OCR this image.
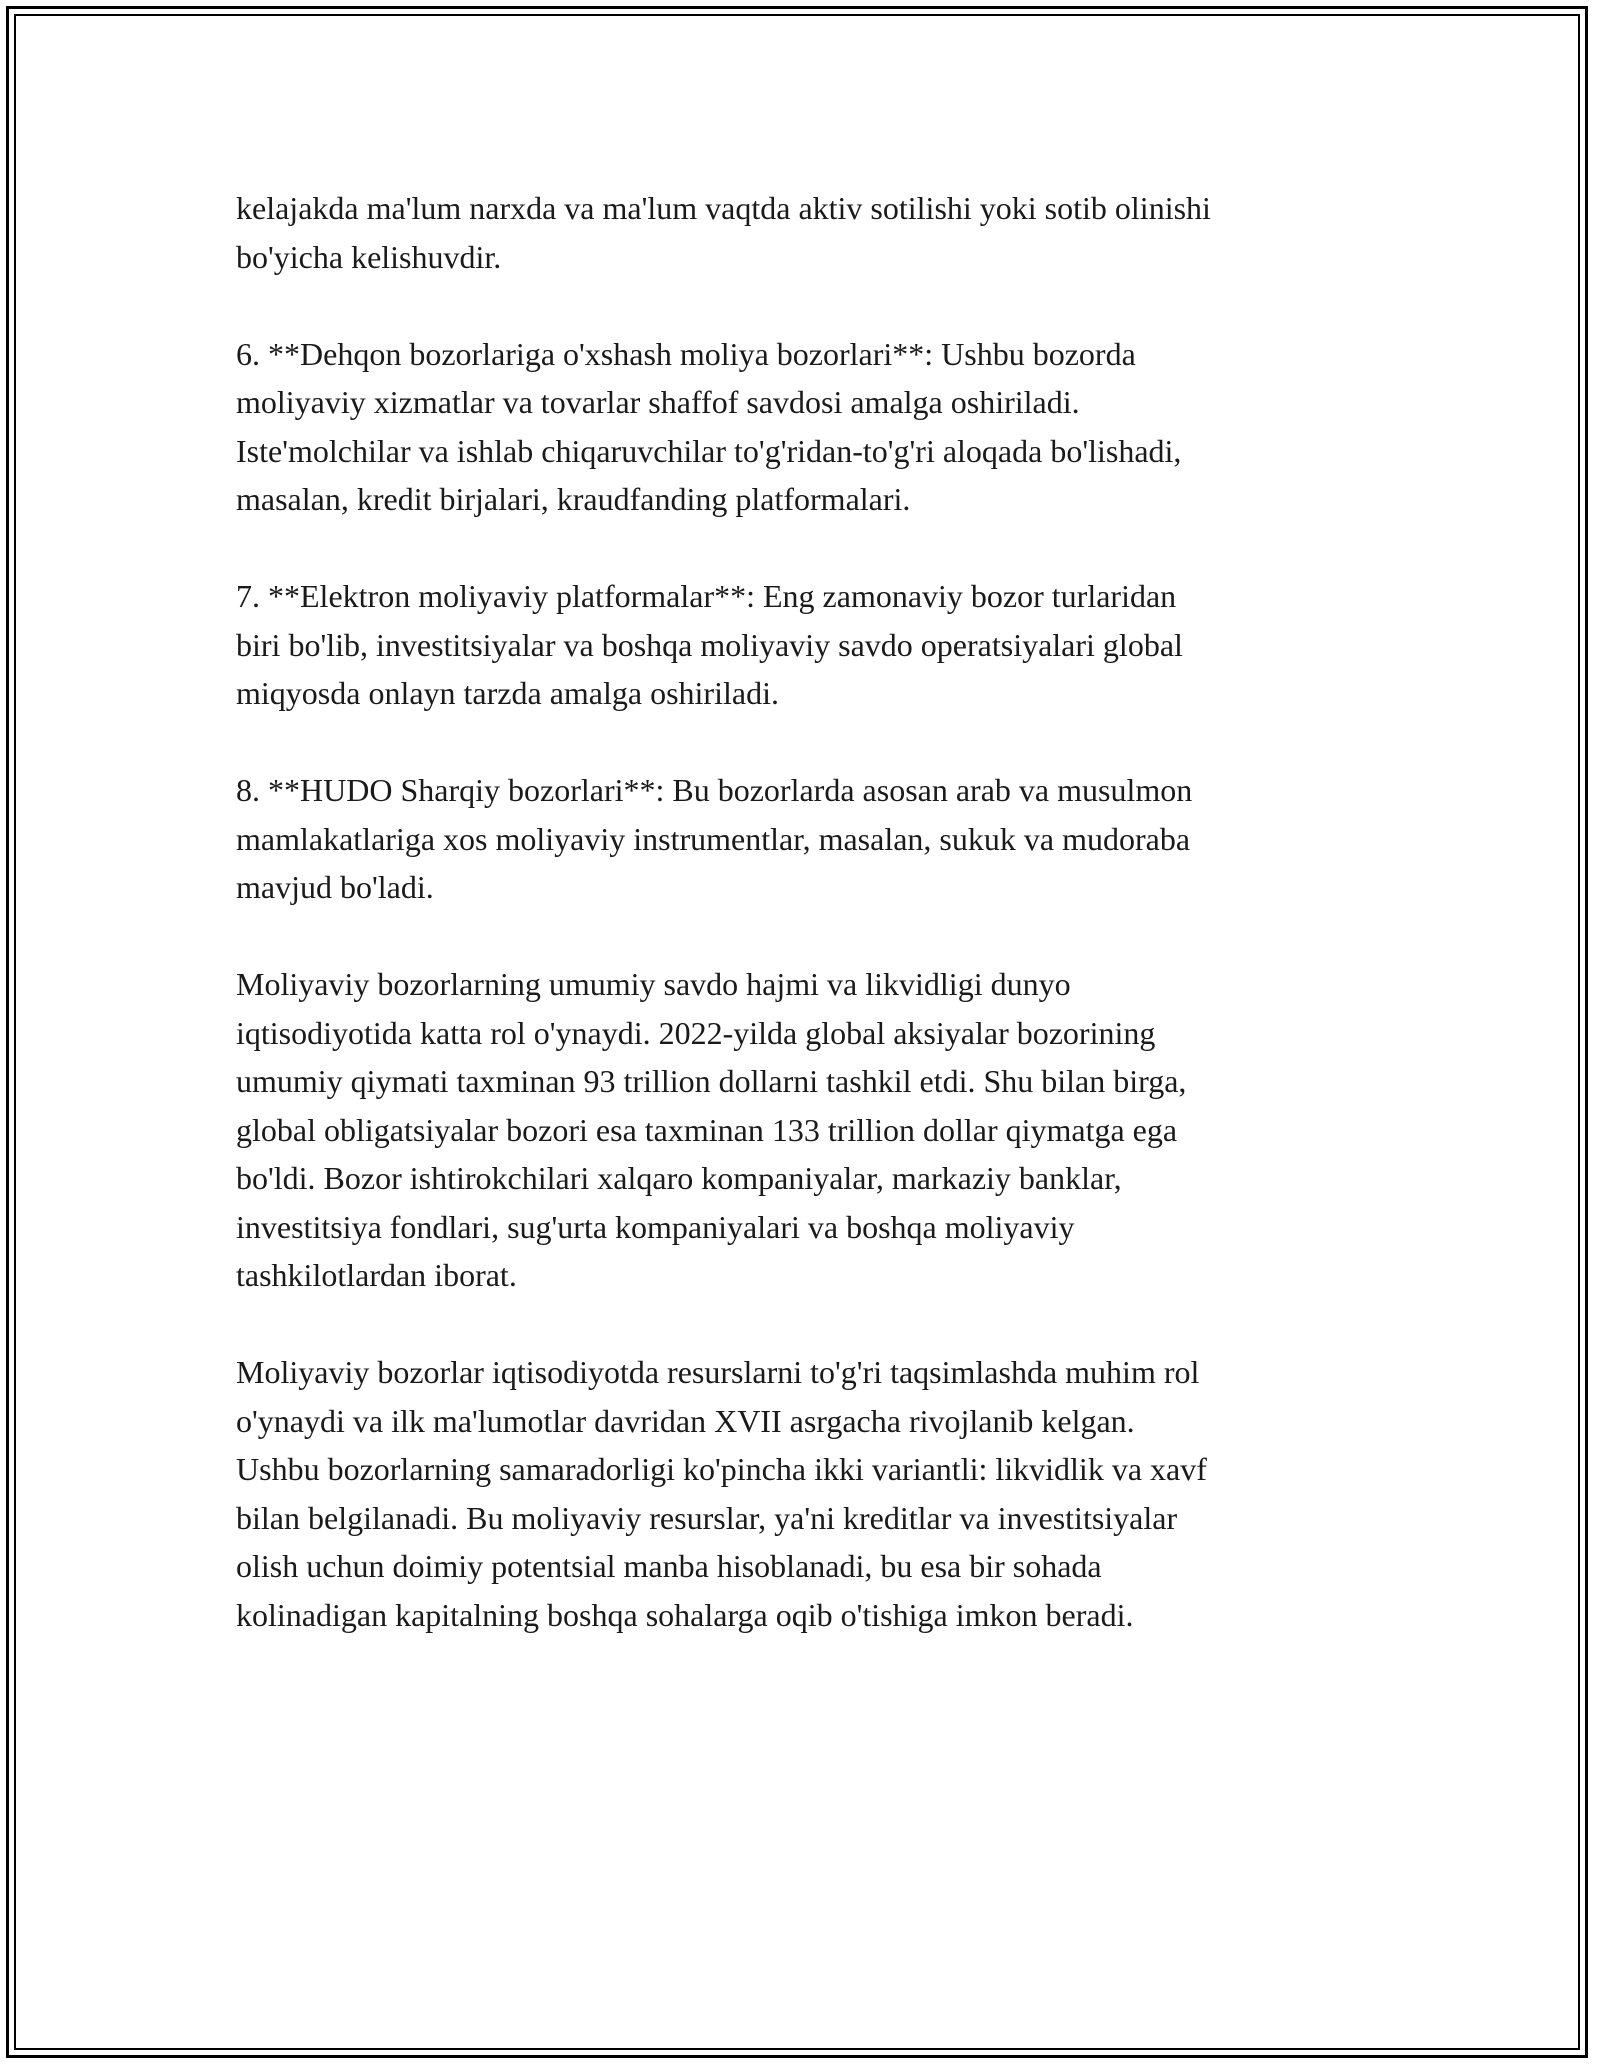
kelajakda ma'lum narxda va ma'lum vaqtda aktiv sotilishi yoki sotib olinishi
bo'yicha kelishuvdir.

6. **Dehqon bozorlariga o'xshash moliya bozorlari**: Ushbu bozorda
moliyaviy xizmatlar va tovarlar shaffof savdosi amalga oshiriladi.
Iste'molchilar va ishlab chiqaruvchilar to'g'ridan-to'g'ri aloqada bo'lishadi,
masalan, kredit birjalari, kraudfanding platformalari.

7. **Elektron moliyaviy platformalar**: Eng zamonaviy bozor turlaridan
biri bo'lib, investitsiyalar va boshqa moliyaviy savdo operatsiyalari global
miqyosda onlayn tarzda amalga oshiriladi.

8. **HUDO Sharqiy bozorlari**: Bu bozorlarda asosan arab va musulmon
mamlakatlariga xos moliyaviy instrumentlar, masalan, sukuk va mudoraba
mavjud bo'ladi.

Moliyaviy bozorlarning umumiy savdo hajmi va likvidligi dunyo
iqtisodiyotida katta rol o'ynaydi. 2022-yilda global aksiyalar bozorining
umumiy qiymati taxminan 93 trillion dollarni tashkil etdi. Shu bilan birga,
global obligatsiyalar bozori esa taxminan 133 trillion dollar qiymatga ega
bo'ldi. Bozor ishtirokchilari xalqaro kompaniyalar, markaziy banklar,
investitsiya fondlari, sug'urta kompaniyalari va boshqa moliyaviy
tashkilotlardan iborat.

Moliyaviy bozorlar iqtisodiyotda resurslarni to'g'ri taqsimlashda muhim rol
o'ynaydi va ilk ma'lumotlar davridan XVII asrgacha rivojlanib kelgan.
Ushbu bozorlarning samaradorligi ko'pincha ikki variantli: likvidlik va xavf
bilan belgilanadi. Bu moliyaviy resurslar, ya'ni kreditlar va investitsiyalar
olish uchun doimiy potentsial manba hisoblanadi, bu esa bir sohada
kolinadigan kapitalning boshqa sohalarga oqib o'tishiga imkon beradi.
